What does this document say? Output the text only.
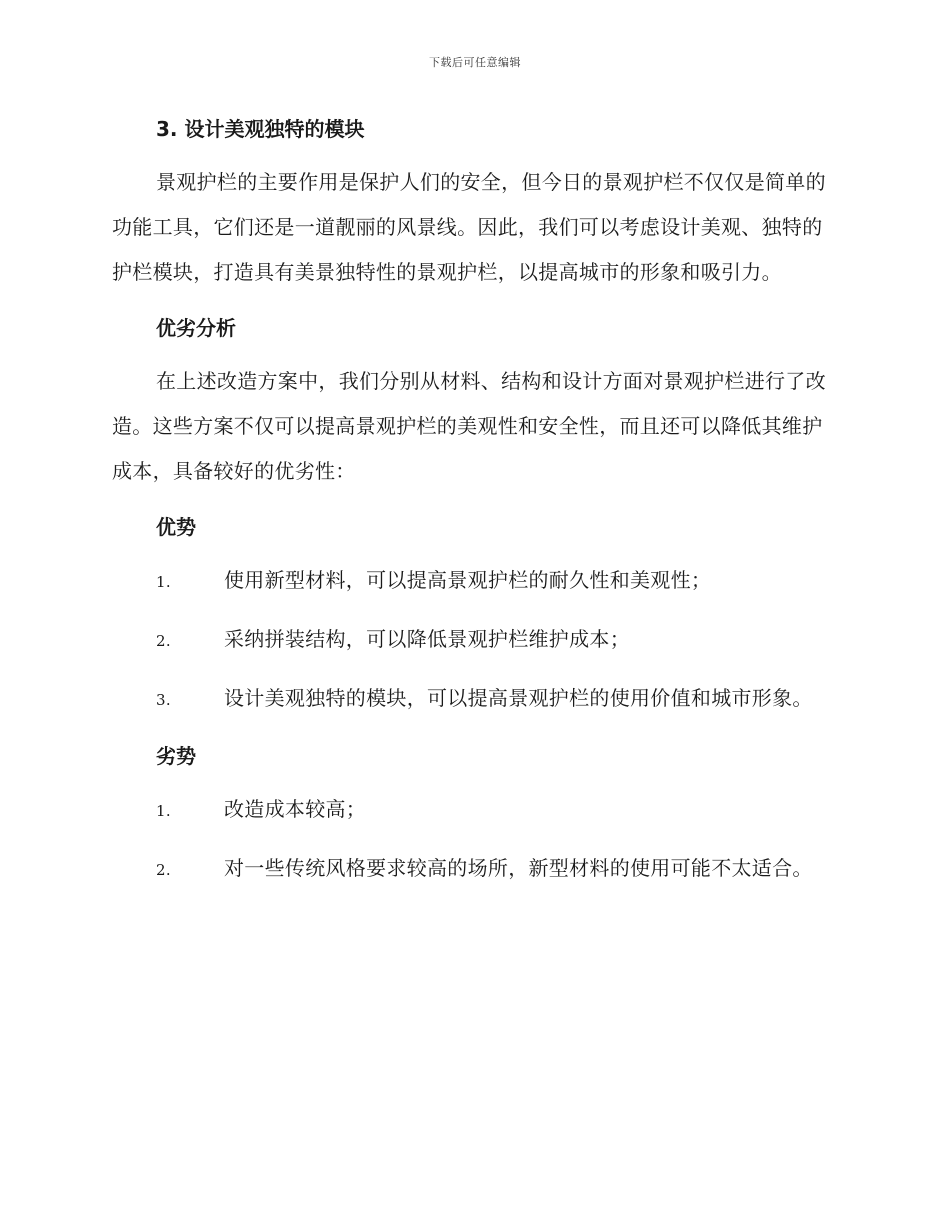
下载后可任意编辑
3. 设计美观独特的模块

景观护栏的主要作用是保护人们的安全，但今日的景观护栏不仅仅是简单的功能工具，它们还是一道靓丽的风景线。因此，我们可以考虑设计美观、独特的护栏模块，打造具有美景独特性的景观护栏，以提高城市的形象和吸引力。

优劣分析

在上述改造方案中，我们分别从材料、结构和设计方面对景观护栏进行了改造。这些方案不仅可以提高景观护栏的美观性和安全性，而且还可以降低其维护成本，具备较好的优劣性：

优势

1.	使用新型材料，可以提高景观护栏的耐久性和美观性；

2.	采纳拼装结构，可以降低景观护栏维护成本；

3.	设计美观独特的模块，可以提高景观护栏的使用价值和城市形象。

劣势

1.	改造成本较高；

2.	对一些传统风格要求较高的场所，新型材料的使用可能不太适合。
